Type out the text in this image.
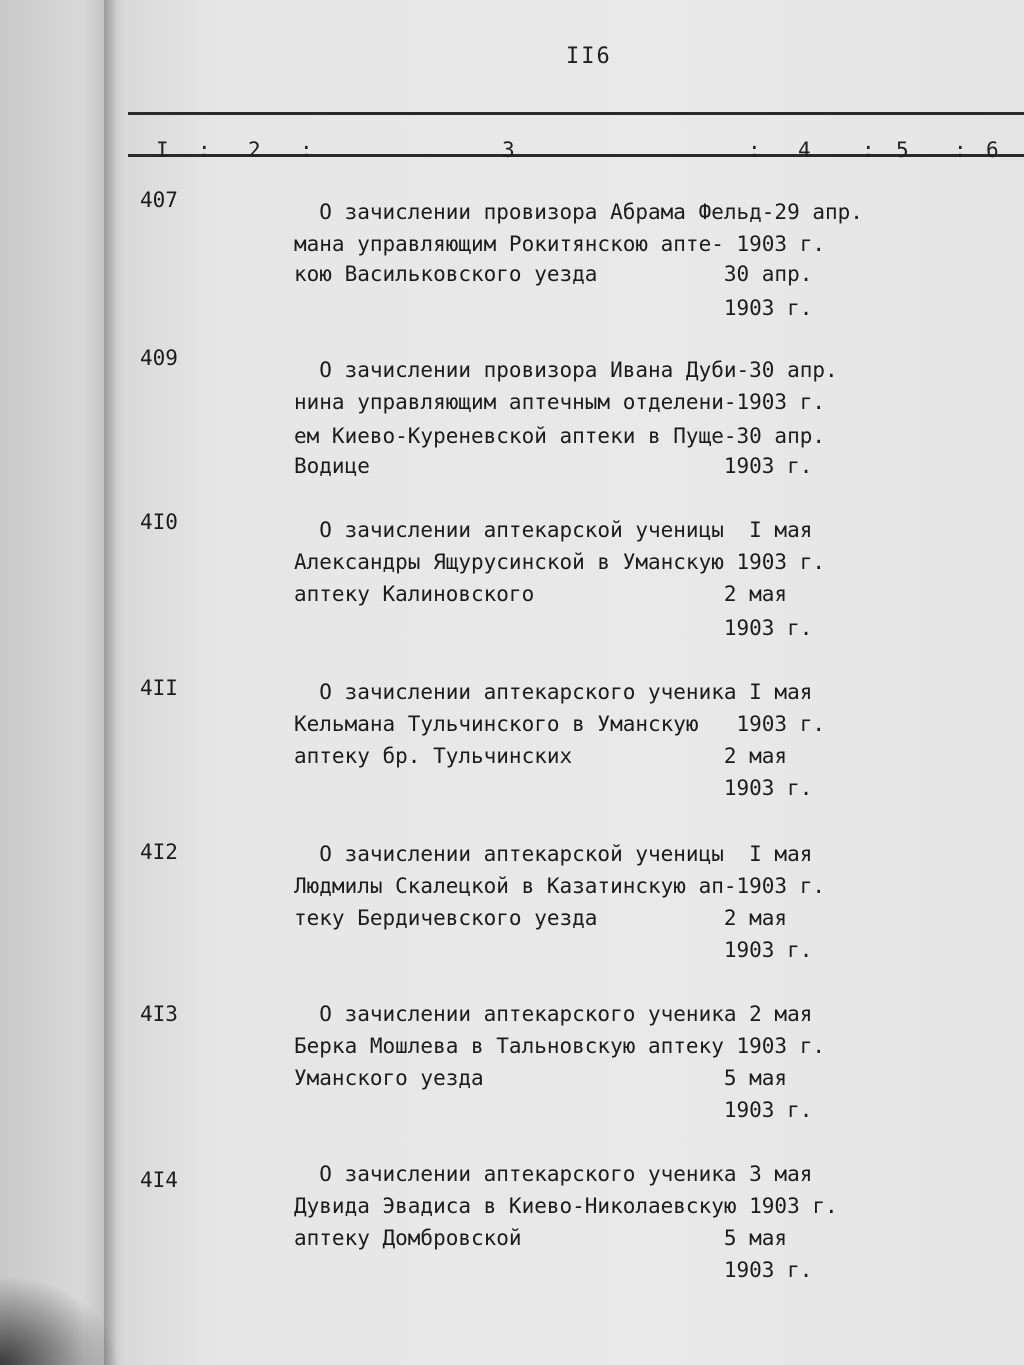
II6
I : 2 :	3	: 4 : 5 : 6
407	О зачислении провизора Абрама Фельд-29 апр.
мана управляющим Рокитянскою апте- 1903 г.
кою Васильковского уезда          30 апр.
1903 г.
409	О зачислении провизора Ивана Дуби-30 апр.
нина управляющим аптечным отделени-1903 г.
ем Киево-Куреневской аптеки в Пуще-30 апр.
Водице                            1903 г.
4I0	О зачислении аптекарской ученицы  I мая
Александры Ящурусинской в Уманскую 1903 г.
аптеку Калиновского               2 мая
1903 г.
4II	О зачислении аптекарского ученика I мая
Кельмана Тульчинского в Уманскую   1903 г.
аптеку бр. Тульчинских            2 мая
1903 г.
4I2	О зачислении аптекарской ученицы  I мая
Людмилы Скалецкой в Казатинскую ап-1903 г.
теку Бердичевского уезда          2 мая
1903 г.
4I3	О зачислении аптекарского ученика 2 мая
Берка Мошлева в Тальновскую аптеку 1903 г.
Уманского уезда                   5 мая
1903 г.
4I4	О зачислении аптекарского ученика 3 мая
Дувида Эвадиса в Киево-Николаевскую 1903 г.
аптеку Домбровской                5 мая
1903 г.
